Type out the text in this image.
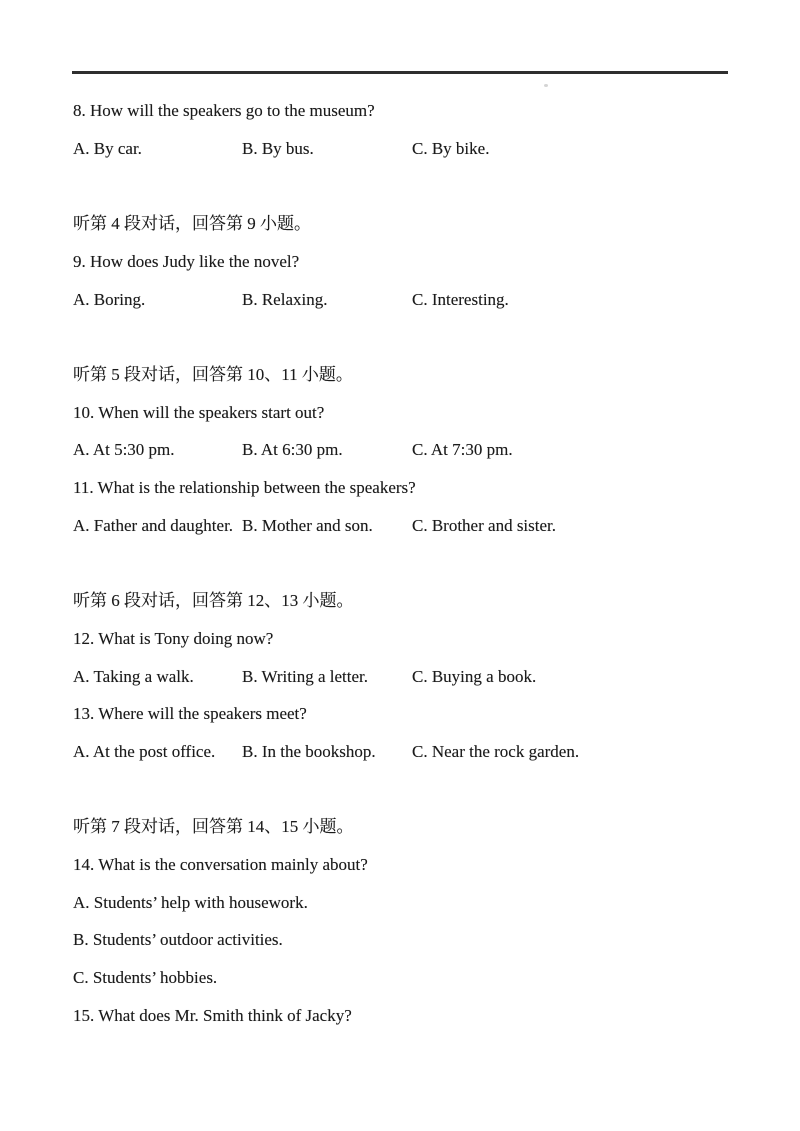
8. How will the speakers go to the museum?
A. By car.	B. By bus.	C. By bike.
听第 4 段对话，回答第 9 小题。
9. How does Judy like the novel?
A. Boring.	B. Relaxing.	C. Interesting.
听第 5 段对话，回答第 10、11 小题。
10. When will the speakers start out?
A. At 5:30 pm.	B. At 6:30 pm.	C. At 7:30 pm.
11. What is the relationship between the speakers?
A. Father and daughter. B. Mother and son. C. Brother and sister.
听第 6 段对话，回答第 12、13 小题。
12. What is Tony doing now?
A. Taking a walk.	B. Writing a letter.	C. Buying a book.
13. Where will the speakers meet?
A. At the post office. B. In the bookshop. C. Near the rock garden.
听第 7 段对话，回答第 14、15 小题。
14. What is the conversation mainly about?
A. Students’ help with housework.
B. Students’ outdoor activities.
C. Students’ hobbies.
15. What does Mr. Smith think of Jacky?
